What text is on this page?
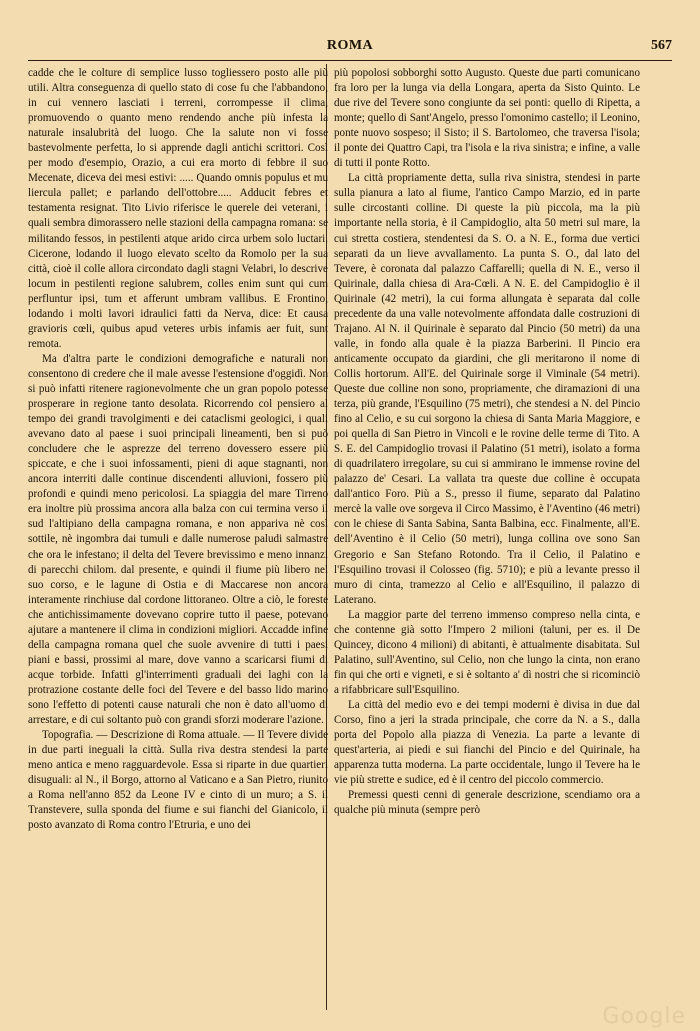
ROMA	567

cadde che le colture di semplice lusso togliessero posto alle più utili. Altra conseguenza di quello stato di cose fu che l'abbandono, in cui vennero lasciati i terreni, corrompesse il clima, promuovendo o quanto meno rendendo anche più infesta la naturale insalubrità del luogo. Che la salute non vi fosse bastevolmente perfetta, lo si apprende dagli antichi scrittori. Così per modo d'esempio, Orazio, a cui era morto di febbre il suo Mecenate, diceva dei mesi estivi: ..... Quando omnis populus et mu liercula pallet; e parlando dell'ottobre..... Adducit febres et testamenta resignat. Tito Livio riferisce le querele dei veterani, i quali sembra dimorassero nelle stazioni della campagna romana: se militando fessos, in pestilenti atque arido circa urbem solo luctari. Cicerone, lodando il luogo elevato scelto da Romolo per la sua città, cioè il colle allora circondato dagli stagni Velabri, lo descrive locum in pestilenti regione salubrem, colles enim sunt qui cum perfluntur ipsi, tum et afferunt umbram vallibus. E Frontino, lodando i molti lavori idraulici fatti da Nerva, dice: Et causa gravioris cœli, quibus apud veteres urbis infamis aer fuit, sunt remota.

Ma d'altra parte le condizioni demografiche e naturali non consentono di credere che il male avesse l'estensione d'oggidì. Non si può infatti ritenere ragionevolmente che un gran popolo potesse prosperare in regione tanto desolata. Ricorrendo col pensiero al tempo dei grandi travolgimenti e dei cataclismi geologici, i quali avevano dato al paese i suoi principali lineamenti, ben si può concludere che le asprezze del terreno dovessero essere più spiccate, e che i suoi infossamenti, pieni di aque stagnanti, non ancora interriti dalle continue discendenti alluvioni, fossero più profondi e quindi meno pericolosi. La spiaggia del mare Tirreno era inoltre più prossima ancora alla balza con cui termina verso il sud l'altipiano della campagna romana, e non appariva nè così sottile, nè ingombra dai tumuli e dalle numerose paludi salmastre che ora le infestano; il delta del Tevere brevissimo e meno innanzi di parecchi chilom. dal presente, e quindi il fiume più libero nel suo corso, e le lagune di Ostia e di Maccarese non ancora interamente rinchiuse dal cordone littoraneo. Oltre a ciò, le foreste che antichissimamente dovevano coprire tutto il paese, potevano ajutare a mantenere il clima in condizioni migliori. Accadde infine della campagna romana quel che suole avvenire di tutti i paesi piani e bassi, prossimi al mare, dove vanno a scaricarsi fiumi di acque torbide. Infatti gl'interrimenti graduali dei laghi con la protrazione costante delle foci del Tevere e del basso lido marino sono l'effetto di potenti cause naturali che non è dato all'uomo di arrestare, e di cui soltanto può con grandi sforzi moderare l'azione.

Topografia. — Descrizione di Roma attuale. — Il Tevere divide in due parti ineguali la città. Sulla riva destra stendesi la parte meno antica e meno ragguardevole. Essa si riparte in due quartieri disuguali: al N., il Borgo, attorno al Vaticano e a San Pietro, riunito a Roma nell'anno 852 da Leone IV e cinto di un muro; a S. il Transtevere, sulla sponda del fiume e sui fianchi del Gianicolo, il posto avanzato di Roma contro l'Etruria, e uno dei

più popolosi sobborghi sotto Augusto. Queste due parti comunicano fra loro per la lunga via della Longara, aperta da Sisto Quinto. Le due rive del Tevere sono congiunte da sei ponti: quello di Ripetta, a monte; quello di Sant'Angelo, presso l'omonimo castello; il Leonino, ponte nuovo sospeso; il Sisto; il S. Bartolomeo, che traversa l'isola; il ponte dei Quattro Capi, tra l'isola e la riva sinistra; e infine, a valle di tutti il ponte Rotto.

La città propriamente detta, sulla riva sinistra, stendesi in parte sulla pianura a lato al fiume, l'antico Campo Marzio, ed in parte sulle circostanti colline. Di queste la più piccola, ma la più importante nella storia, è il Campidoglio, alta 50 metri sul mare, la cui stretta costiera, stendentesi da S. O. a N. E., forma due vertici separati da un lieve avvallamento. La punta S. O., dal lato del Tevere, è coronata dal palazzo Caffarelli; quella di N. E., verso il Quirinale, dalla chiesa di Ara-Cœli. A N. E. del Campidoglio è il Quirinale (42 metri), la cui forma allungata è separata dal colle precedente da una valle notevolmente affondata dalle costruzioni di Trajano. Al N. il Quirinale è separato dal Pincio (50 metri) da una valle, in fondo alla quale è la piazza Barberini. Il Pincio era anticamente occupato da giardini, che gli meritarono il nome di Collis hortorum. All'E. del Quirinale sorge il Viminale (54 metri). Queste due colline non sono, propriamente, che diramazioni di una terza, più grande, l'Esquilino (75 metri), che stendesi a N. del Pincio fino al Celio, e su cui sorgono la chiesa di Santa Maria Maggiore, e poi quella di San Pietro in Vincoli e le rovine delle terme di Tito. A S. E. del Campidoglio trovasi il Palatino (51 metri), isolato a forma di quadrilatero irregolare, su cui si ammirano le immense rovine del palazzo de' Cesari. La vallata tra queste due colline è occupata dall'antico Foro. Più a S., presso il fiume, separato dal Palatino mercè la valle ove sorgeva il Circo Massimo, è l'Aventino (46 metri) con le chiese di Santa Sabina, Santa Balbina, ecc. Finalmente, all'E. dell'Aventino è il Celio (50 metri), lunga collina ove sono San Gregorio e San Stefano Rotondo. Tra il Celio, il Palatino e l'Esquilino trovasi il Colosseo (fig. 5710); e più a levante presso il muro di cinta, tramezzo al Celio e all'Esquilino, il palazzo di Laterano.

La maggior parte del terreno immenso compreso nella cinta, e che contenne già sotto l'Impero 2 milioni (taluni, per es. il De Quincey, dicono 4 milioni) di abitanti, è attualmente disabitata. Sul Palatino, sull'Aventino, sul Celio, non che lungo la cinta, non erano fin qui che orti e vigneti, e si è soltanto a' dì nostri che si ricominciò a rifabbricare sull'Esquilino.

La città del medio evo e dei tempi moderni è divisa in due dal Corso, fino a jeri la strada principale, che corre da N. a S., dalla porta del Popolo alla piazza di Venezia. La parte a levante di quest'arteria, ai piedi e sui fianchi del Pincio e del Quirinale, ha apparenza tutta moderna. La parte occidentale, lungo il Tevere ha le vie più strette e sudice, ed è il centro del piccolo commercio.

Premessi questi cenni di generale descrizione, scendiamo ora a qualche più minuta (sempre però

Google
